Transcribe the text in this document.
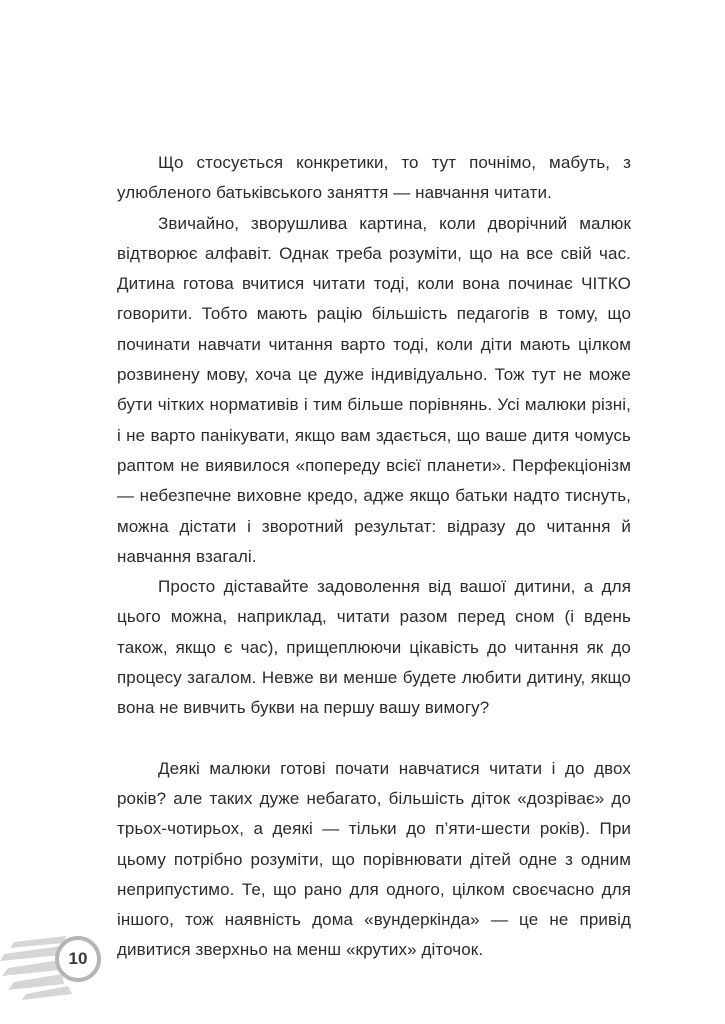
Що стосується конкретики, то тут почнімо, мабуть, з улюбленого батьківського заняття — навчання читати.

Звичайно, зворушлива картина, коли дворічний малюк відтворює алфавіт. Однак треба розуміти, що на все свій час. Дитина готова вчитися читати тоді, коли вона починає ЧІТКО говорити. Тобто мають рацію більшість педагогів в тому, що починати навчати читання варто тоді, коли діти мають цілком розвинену мову, хоча це дуже індивідуально. Тож тут не може бути чітких нормативів і тим більше порівнянь. Усі малюки різні, і не варто панікувати, якщо вам здається, що ваше дитя чомусь раптом не виявилося «попереду всієї планети». Перфекціонізм — небезпечне виховне кредо, адже якщо батьки надто тиснуть, можна дістати і зворотний результат: відразу до читання й навчання взагалі.

Просто діставайте задоволення від вашої дитини, а для цього можна, наприклад, читати разом перед сном (і вдень також, якщо є час), прищеплюючи цікавість до читання як до процесу загалом. Невже ви менше будете любити дитину, якщо вона не вивчить букви на першу вашу вимогу?

Деякі малюки готові почати навчатися читати і до двох років? але таких дуже небагато, більшість діток «дозріває» до трьох-чотирьох, а деякі — тільки до п’яти-шести років). При цьому потрібно розуміти, що порівнювати дітей одне з одним неприпустимо. Те, що рано для одного, цілком своєчасно для іншого, тож наявність дома «вундеркінда» — це не привід дивитися зверхньо на менш «крутих» діточок.

10
